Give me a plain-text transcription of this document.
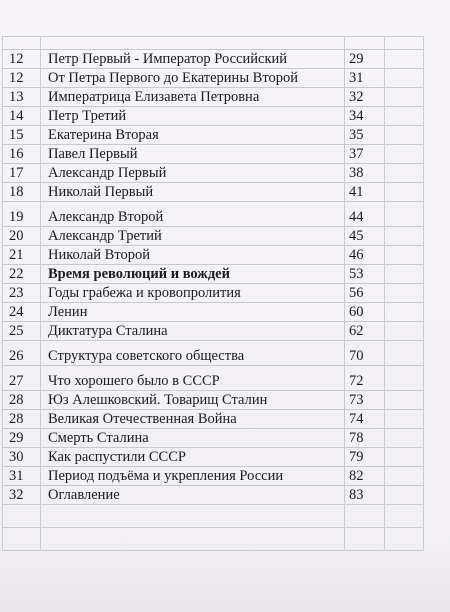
12	Петр Первый - Император Российский	29	
12	От Петра Первого до Екатерины Второй	31	
13	Императрица Елизавета Петровна	32	
14	Петр Третий	34	
15	Екатерина Вторая	35	
16	Павел Первый	37	
17	Александр Первый	38	
18	Николай Первый	41	
19	Александр Второй	44	
20	Александр Третий	45	
21	Николай Второй	46	
22	Время революций и вождей	53	
23	Годы грабежа и кровопролития	56	
24	Ленин	60	
25	Диктатура Сталина	62	
26	Структура советского общества	70	
27	Что хорошего было в СССР	72	
28	Юз Алешковский. Товарищ Сталин	73	
28	Великая Отечественная Война	74	
29	Смерть Сталина	78	
30	Как распустили СССР	79	
31	Период подъёма и укрепления России	82	
32	Оглавление	83	
